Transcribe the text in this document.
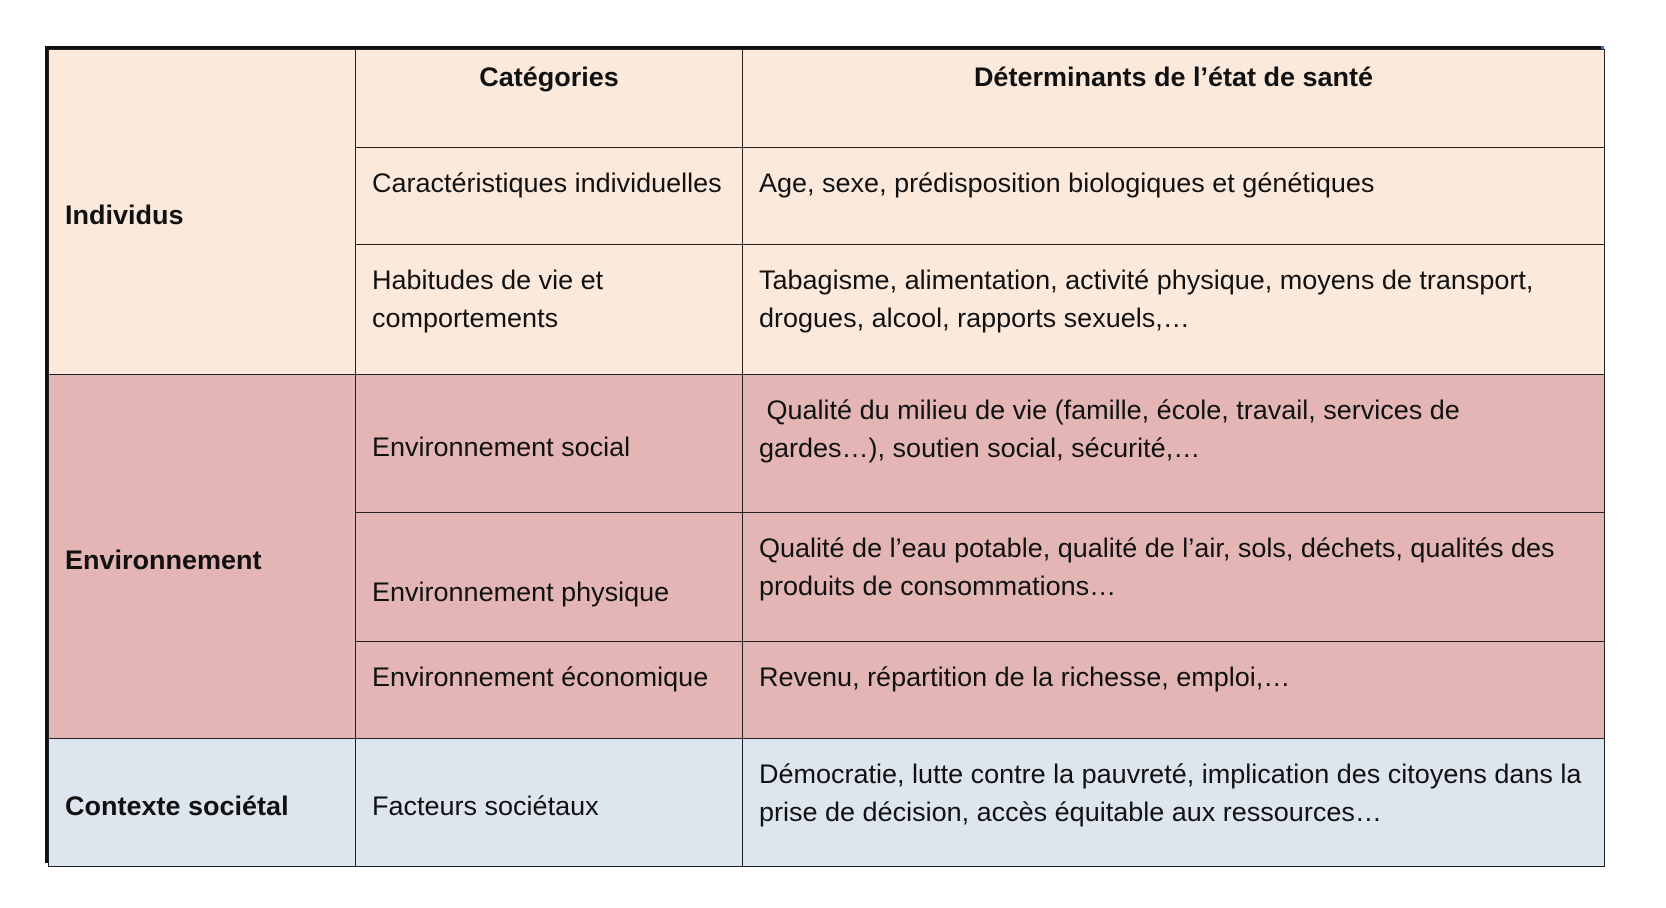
Individus	Catégories	Déterminants de l’état de santé
	Caractéristiques individuelles	Age, sexe, prédisposition biologiques et génétiques
	Habitudes de vie et comportements	Tabagisme, alimentation, activité physique, moyens de transport, drogues, alcool, rapports sexuels,…
Environnement	Environnement social	Qualité du milieu de vie (famille, école, travail, services de gardes…), soutien social, sécurité,…
	Environnement physique	Qualité de l’eau potable, qualité de l’air, sols, déchets, qualités des produits de consommations…
	Environnement économique	Revenu, répartition de la richesse, emploi,…
Contexte sociétal	Facteurs sociétaux	Démocratie, lutte contre la pauvreté, implication des citoyens dans la prise de décision, accès équitable aux ressources…
